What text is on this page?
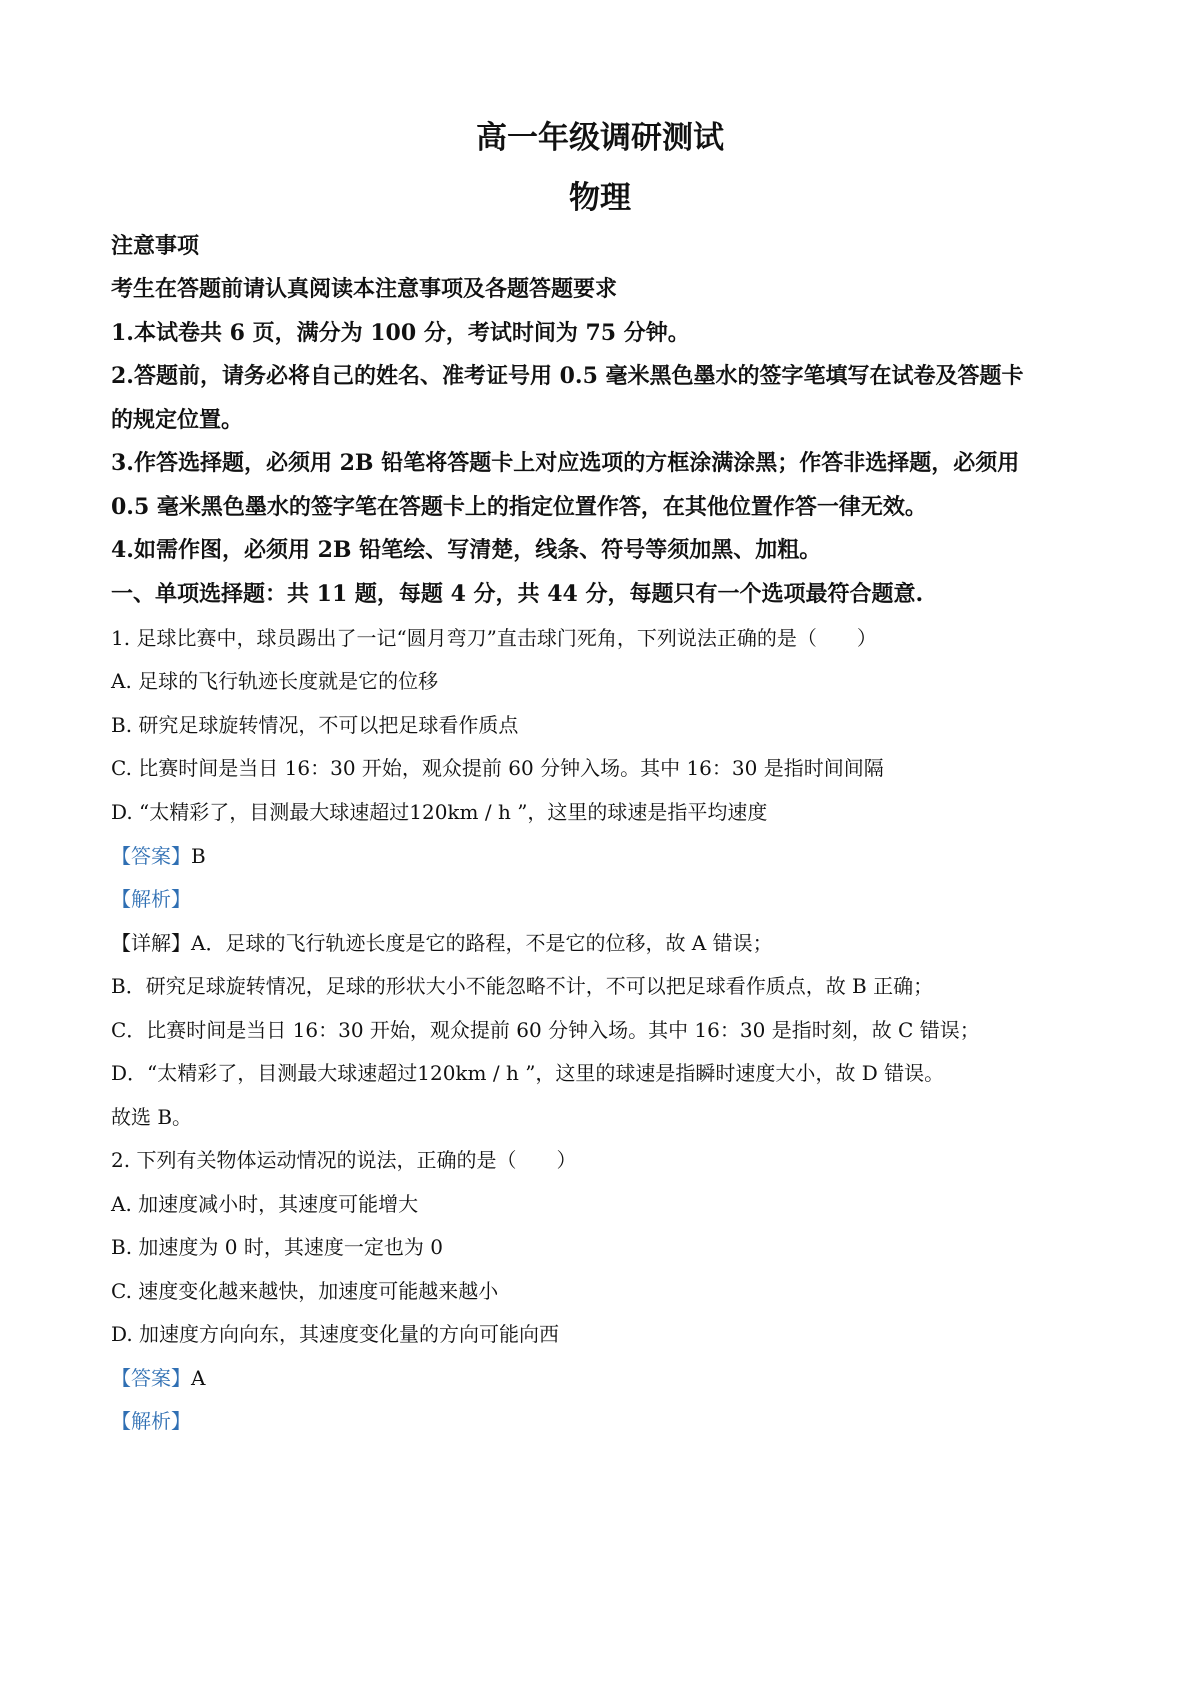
高一年级调研测试
物理
注意事项
考生在答题前请认真阅读本注意事项及各题答题要求
1.本试卷共 6 页，满分为 100 分，考试时间为 75 分钟。
2.答题前，请务必将自己的姓名、准考证号用 0.5 毫米黑色墨水的签字笔填写在试卷及答题卡
的规定位置。
3.作答选择题，必须用 2B 铅笔将答题卡上对应选项的方框涂满涂黑；作答非选择题，必须用
0.5 毫米黑色墨水的签字笔在答题卡上的指定位置作答，在其他位置作答一律无效。
4.如需作图，必须用 2B 铅笔绘、写清楚，线条、符号等须加黑、加粗。
一、单项选择题：共 11 题，每题 4 分，共 44 分，每题只有一个选项最符合题意.
1. 足球比赛中，球员踢出了一记“圆月弯刀”直击球门死角，下列说法正确的是（　　）
A. 足球的飞行轨迹长度就是它的位移
B. 研究足球旋转情况，不可以把足球看作质点
C. 比赛时间是当日 16：30 开始，观众提前 60 分钟入场。其中 16：30 是指时间间隔
D. “太精彩了，目测最大球速超过120km / h ”，这里的球速是指平均速度
【答案】B
【解析】
【详解】A．足球的飞行轨迹长度是它的路程，不是它的位移，故 A 错误；
B．研究足球旋转情况，足球的形状大小不能忽略不计，不可以把足球看作质点，故 B 正确；
C．比赛时间是当日 16：30 开始，观众提前 60 分钟入场。其中 16：30 是指时刻，故 C 错误；
D．“太精彩了，目测最大球速超过120km / h ”，这里的球速是指瞬时速度大小，故 D 错误。
故选 B。
2. 下列有关物体运动情况的说法，正确的是（　　）
A. 加速度减小时，其速度可能增大
B. 加速度为 0 时，其速度一定也为 0
C. 速度变化越来越快，加速度可能越来越小
D. 加速度方向向东，其速度变化量的方向可能向西
【答案】A
【解析】
